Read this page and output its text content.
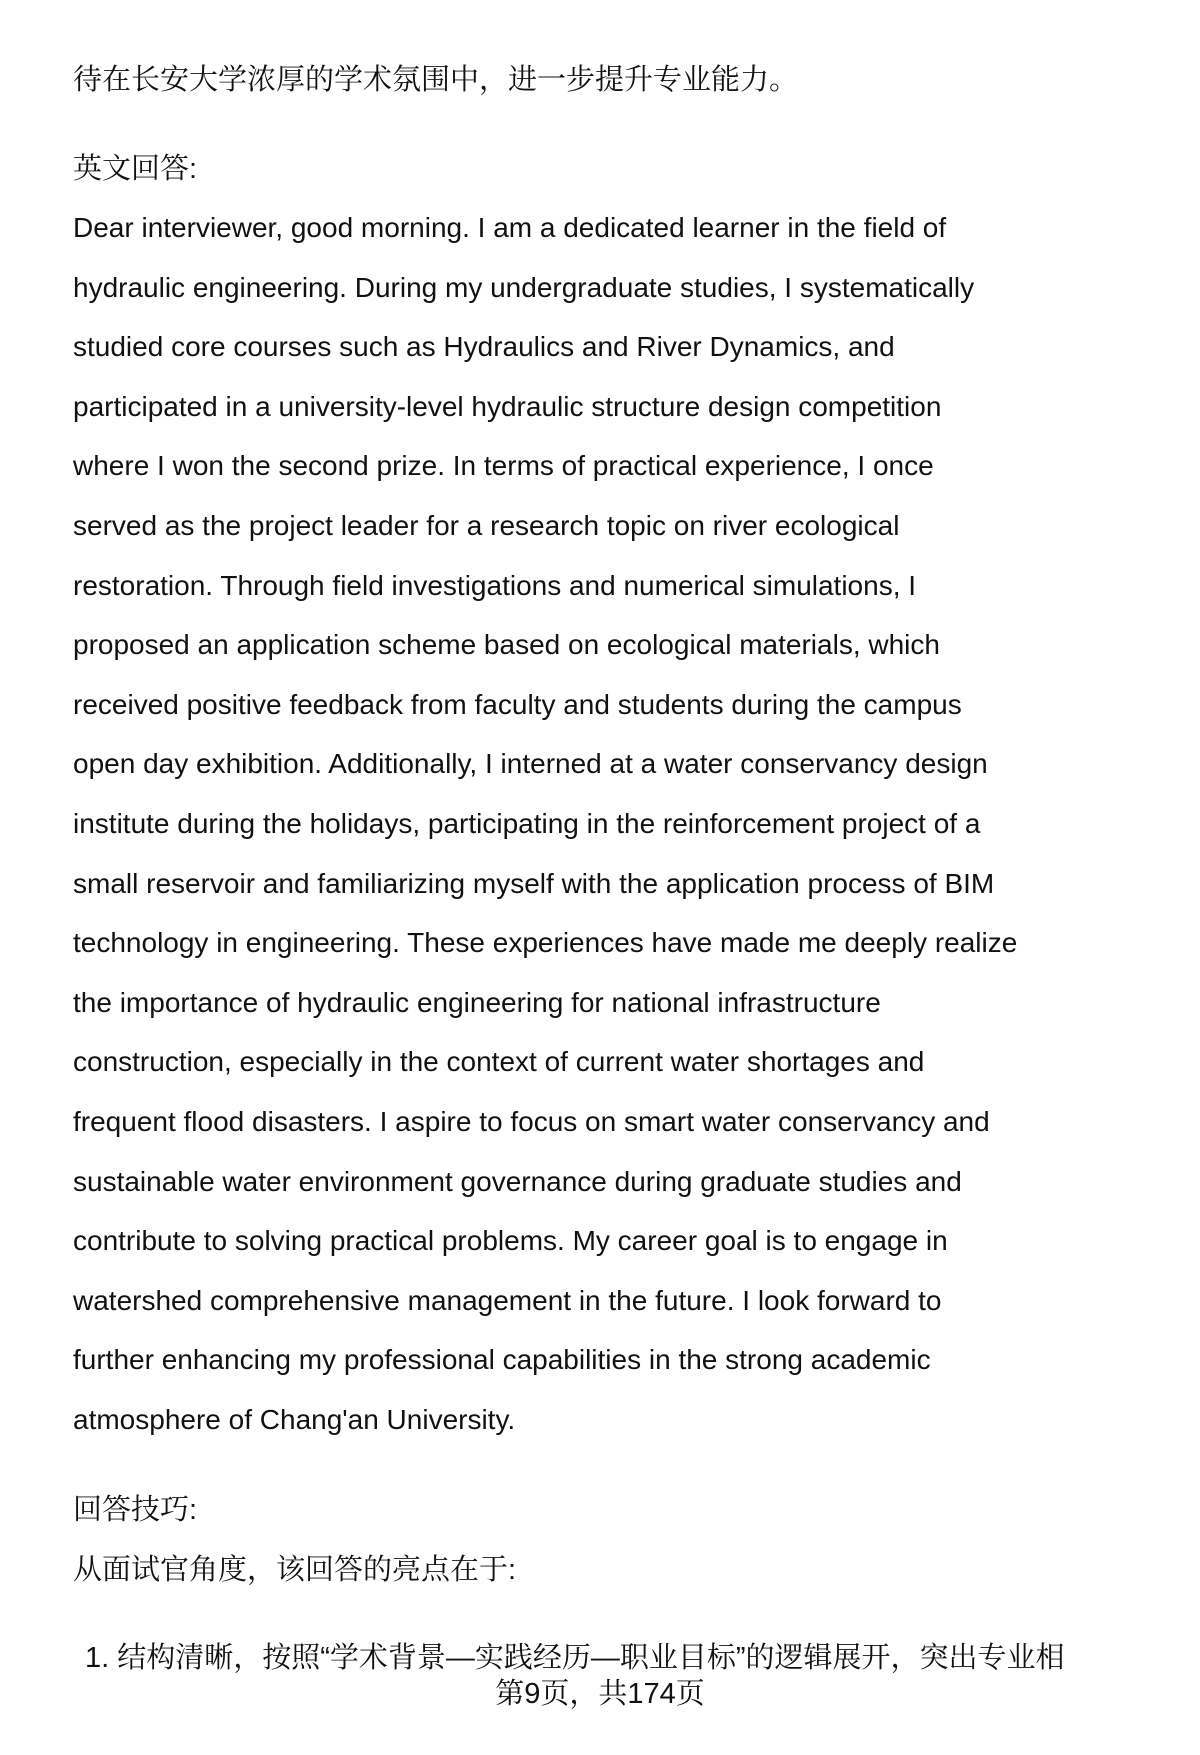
待在长安大学浓厚的学术氛围中，进一步提升专业能力。
英文回答:
Dear interviewer, good morning. I am a dedicated learner in the field of
hydraulic engineering. During my undergraduate studies, I systematically
studied core courses such as Hydraulics and River Dynamics, and
participated in a university-level hydraulic structure design competition
where I won the second prize. In terms of practical experience, I once
served as the project leader for a research topic on river ecological
restoration. Through field investigations and numerical simulations, I
proposed an application scheme based on ecological materials, which
received positive feedback from faculty and students during the campus
open day exhibition. Additionally, I interned at a water conservancy design
institute during the holidays, participating in the reinforcement project of a
small reservoir and familiarizing myself with the application process of BIM
technology in engineering. These experiences have made me deeply realize
the importance of hydraulic engineering for national infrastructure
construction, especially in the context of current water shortages and
frequent flood disasters. I aspire to focus on smart water conservancy and
sustainable water environment governance during graduate studies and
contribute to solving practical problems. My career goal is to engage in
watershed comprehensive management in the future. I look forward to
further enhancing my professional capabilities in the strong academic
atmosphere of Chang'an University.
回答技巧:
从面试官角度，该回答的亮点在于:
1. 结构清晰，按照“学术背景—实践经历—职业目标”的逻辑展开，突出专业相
第9页，共174页
